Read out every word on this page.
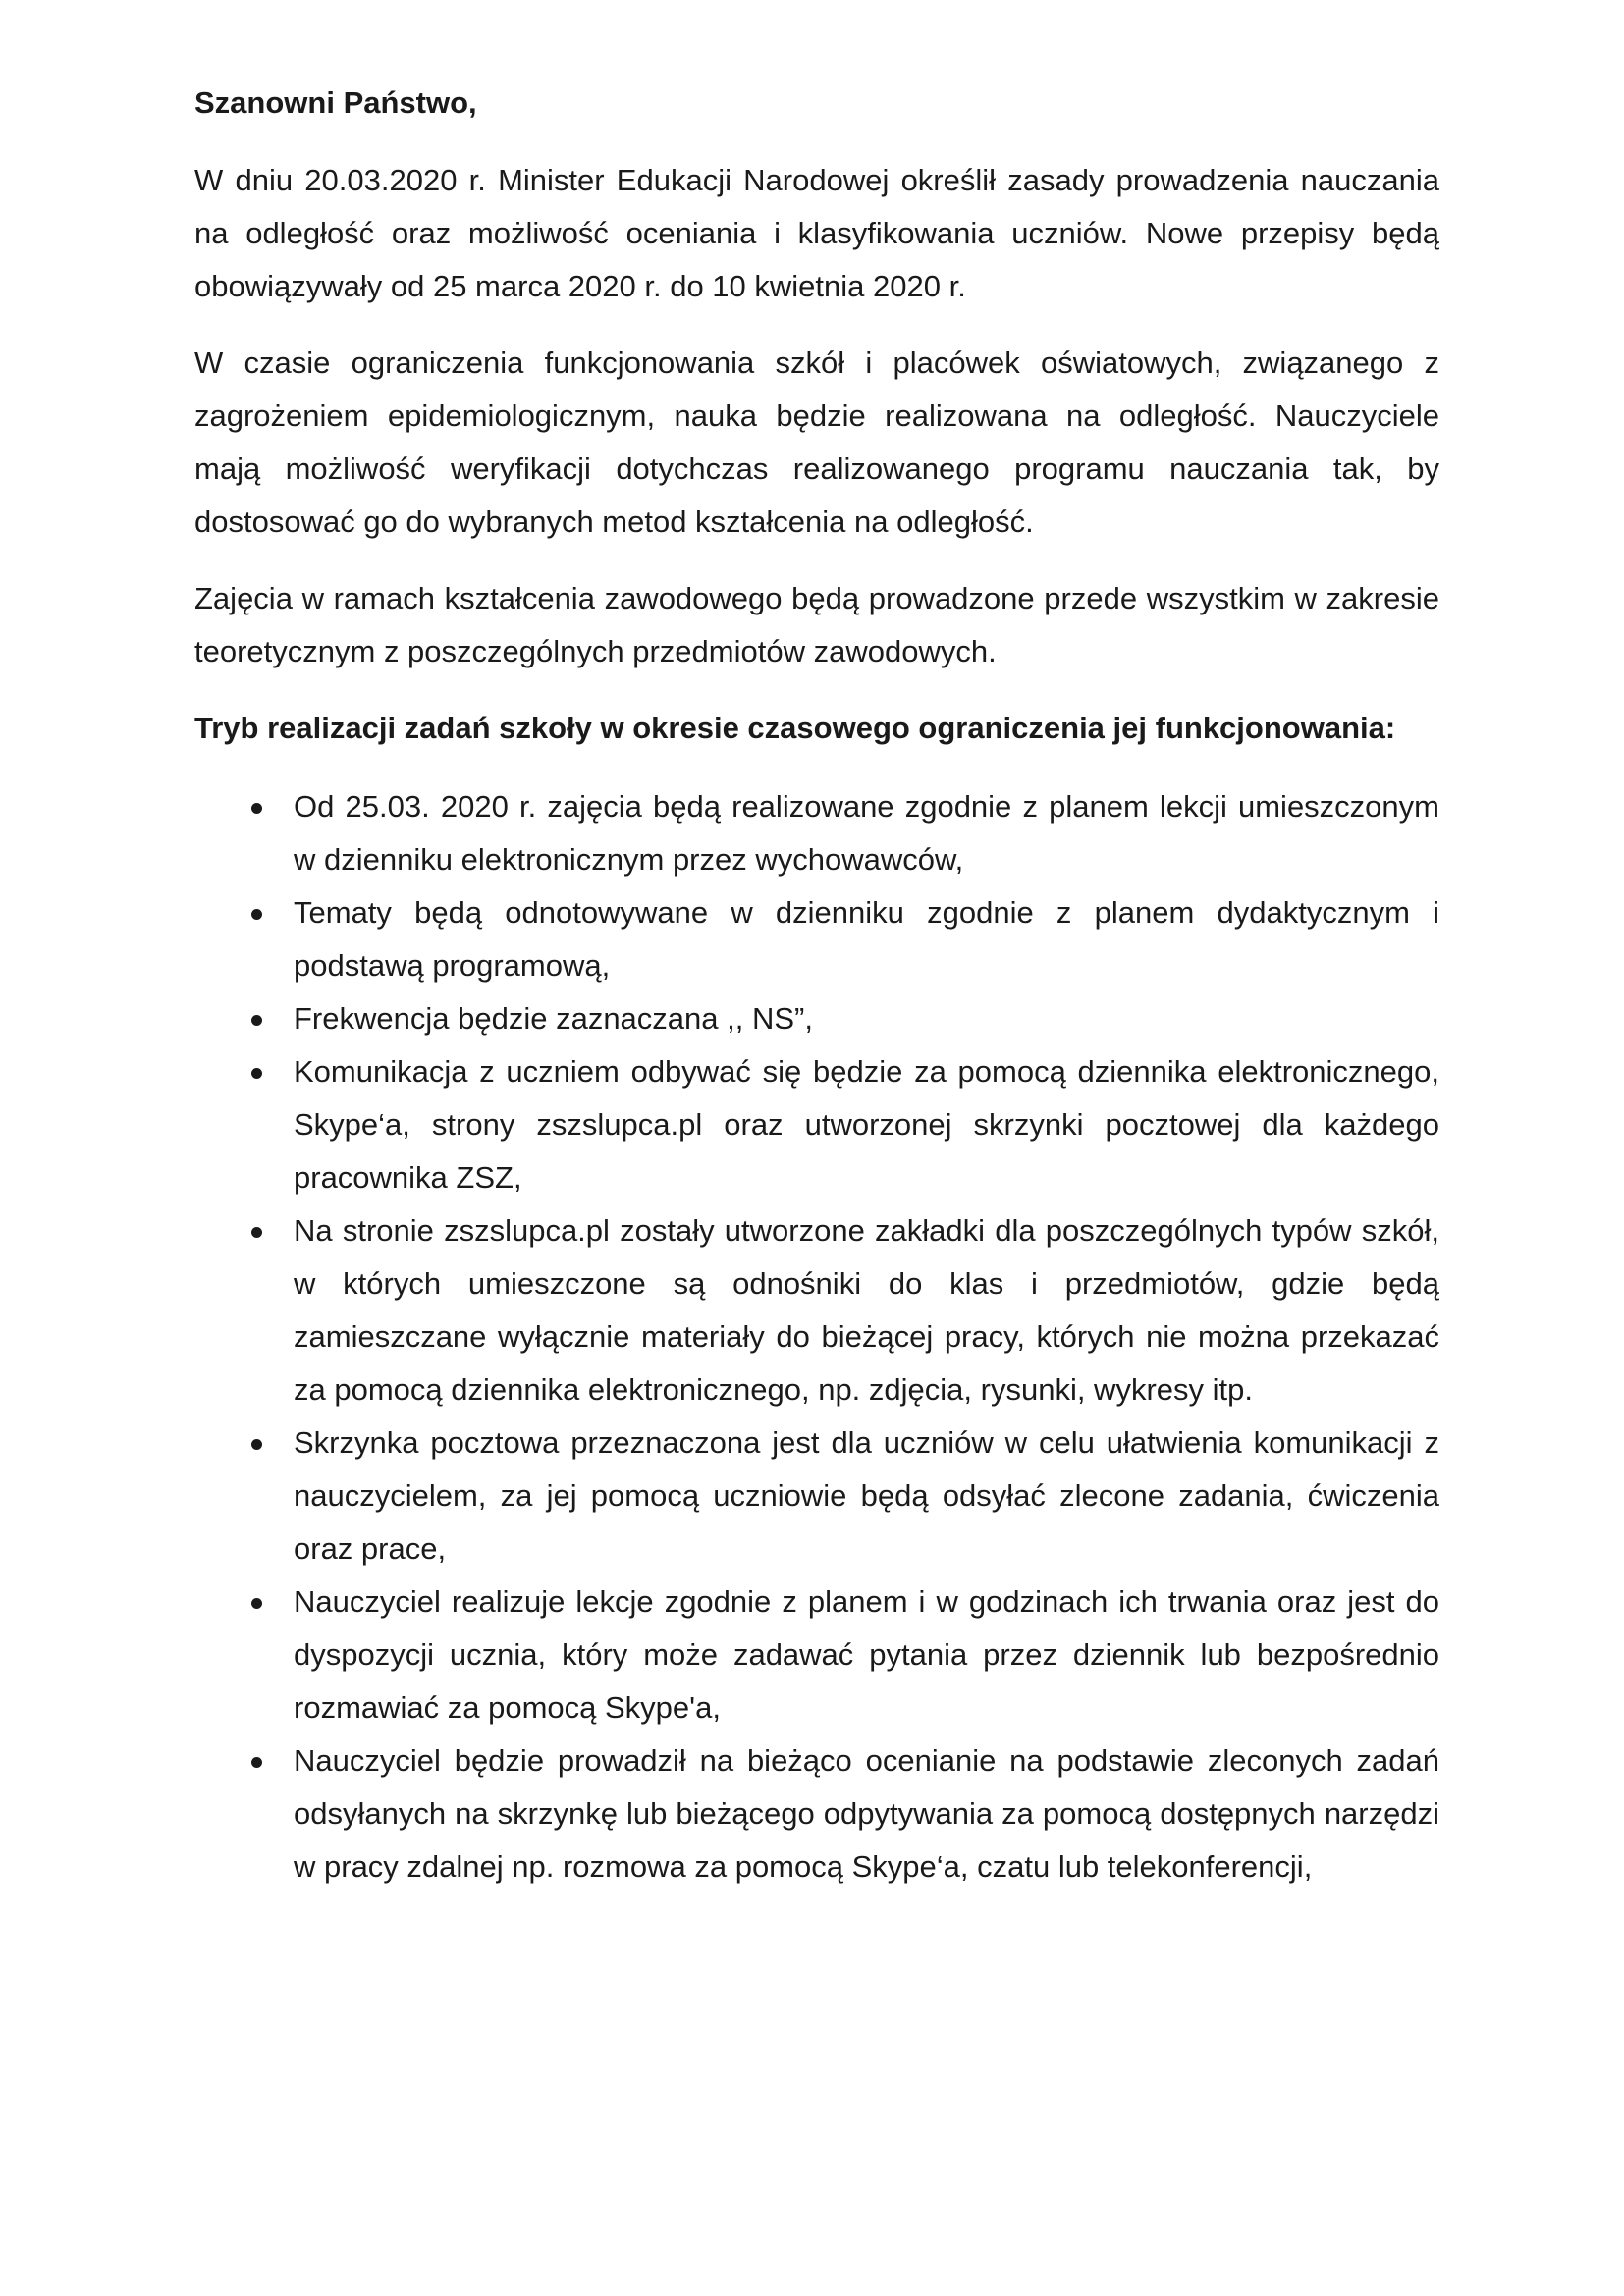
Szanowni Państwo,

W dniu 20.03.2020 r. Minister Edukacji Narodowej określił zasady prowadzenia nauczania na odległość oraz możliwość oceniania i klasyfikowania uczniów. Nowe przepisy będą obowiązywały od 25 marca 2020 r. do 10 kwietnia 2020 r.

W czasie ograniczenia funkcjonowania szkół i placówek oświatowych, związanego z zagrożeniem epidemiologicznym, nauka będzie realizowana na odległość. Nauczyciele mają możliwość weryfikacji dotychczas realizowanego programu nauczania tak, by dostosować go do wybranych metod kształcenia na odległość.

Zajęcia w ramach kształcenia zawodowego będą prowadzone przede wszystkim w zakresie teoretycznym z poszczególnych przedmiotów zawodowych.

Tryb realizacji zadań szkoły w okresie czasowego ograniczenia jej funkcjonowania:

Od 25.03. 2020 r. zajęcia będą realizowane zgodnie z planem lekcji umieszczonym w dzienniku elektronicznym przez wychowawców,
Tematy będą odnotowywane w dzienniku zgodnie z planem dydaktycznym i podstawą programową,
Frekwencja będzie zaznaczana ,, NS”,
Komunikacja z uczniem odbywać się będzie za pomocą dziennika elektronicznego, Skype‘a, strony zszslupca.pl oraz utworzonej skrzynki pocztowej dla każdego pracownika ZSZ,
Na stronie zszslupca.pl zostały utworzone zakładki dla poszczególnych typów szkół, w których umieszczone są odnośniki do klas i przedmiotów, gdzie będą zamieszczane wyłącznie materiały do bieżącej pracy, których nie można przekazać za pomocą dziennika elektronicznego, np. zdjęcia, rysunki, wykresy itp.
Skrzynka pocztowa przeznaczona jest dla uczniów w celu ułatwienia komunikacji z nauczycielem, za jej pomocą uczniowie będą odsyłać zlecone zadania, ćwiczenia oraz prace,
Nauczyciel realizuje lekcje zgodnie z planem i w godzinach ich trwania oraz jest do dyspozycji ucznia, który może zadawać pytania przez dziennik lub bezpośrednio rozmawiać za pomocą Skype'a,
Nauczyciel będzie prowadził na bieżąco ocenianie na podstawie zleconych zadań odsyłanych na skrzynkę lub bieżącego odpytywania za pomocą dostępnych narzędzi w pracy zdalnej np. rozmowa za pomocą Skype‘a, czatu lub telekonferencji,
